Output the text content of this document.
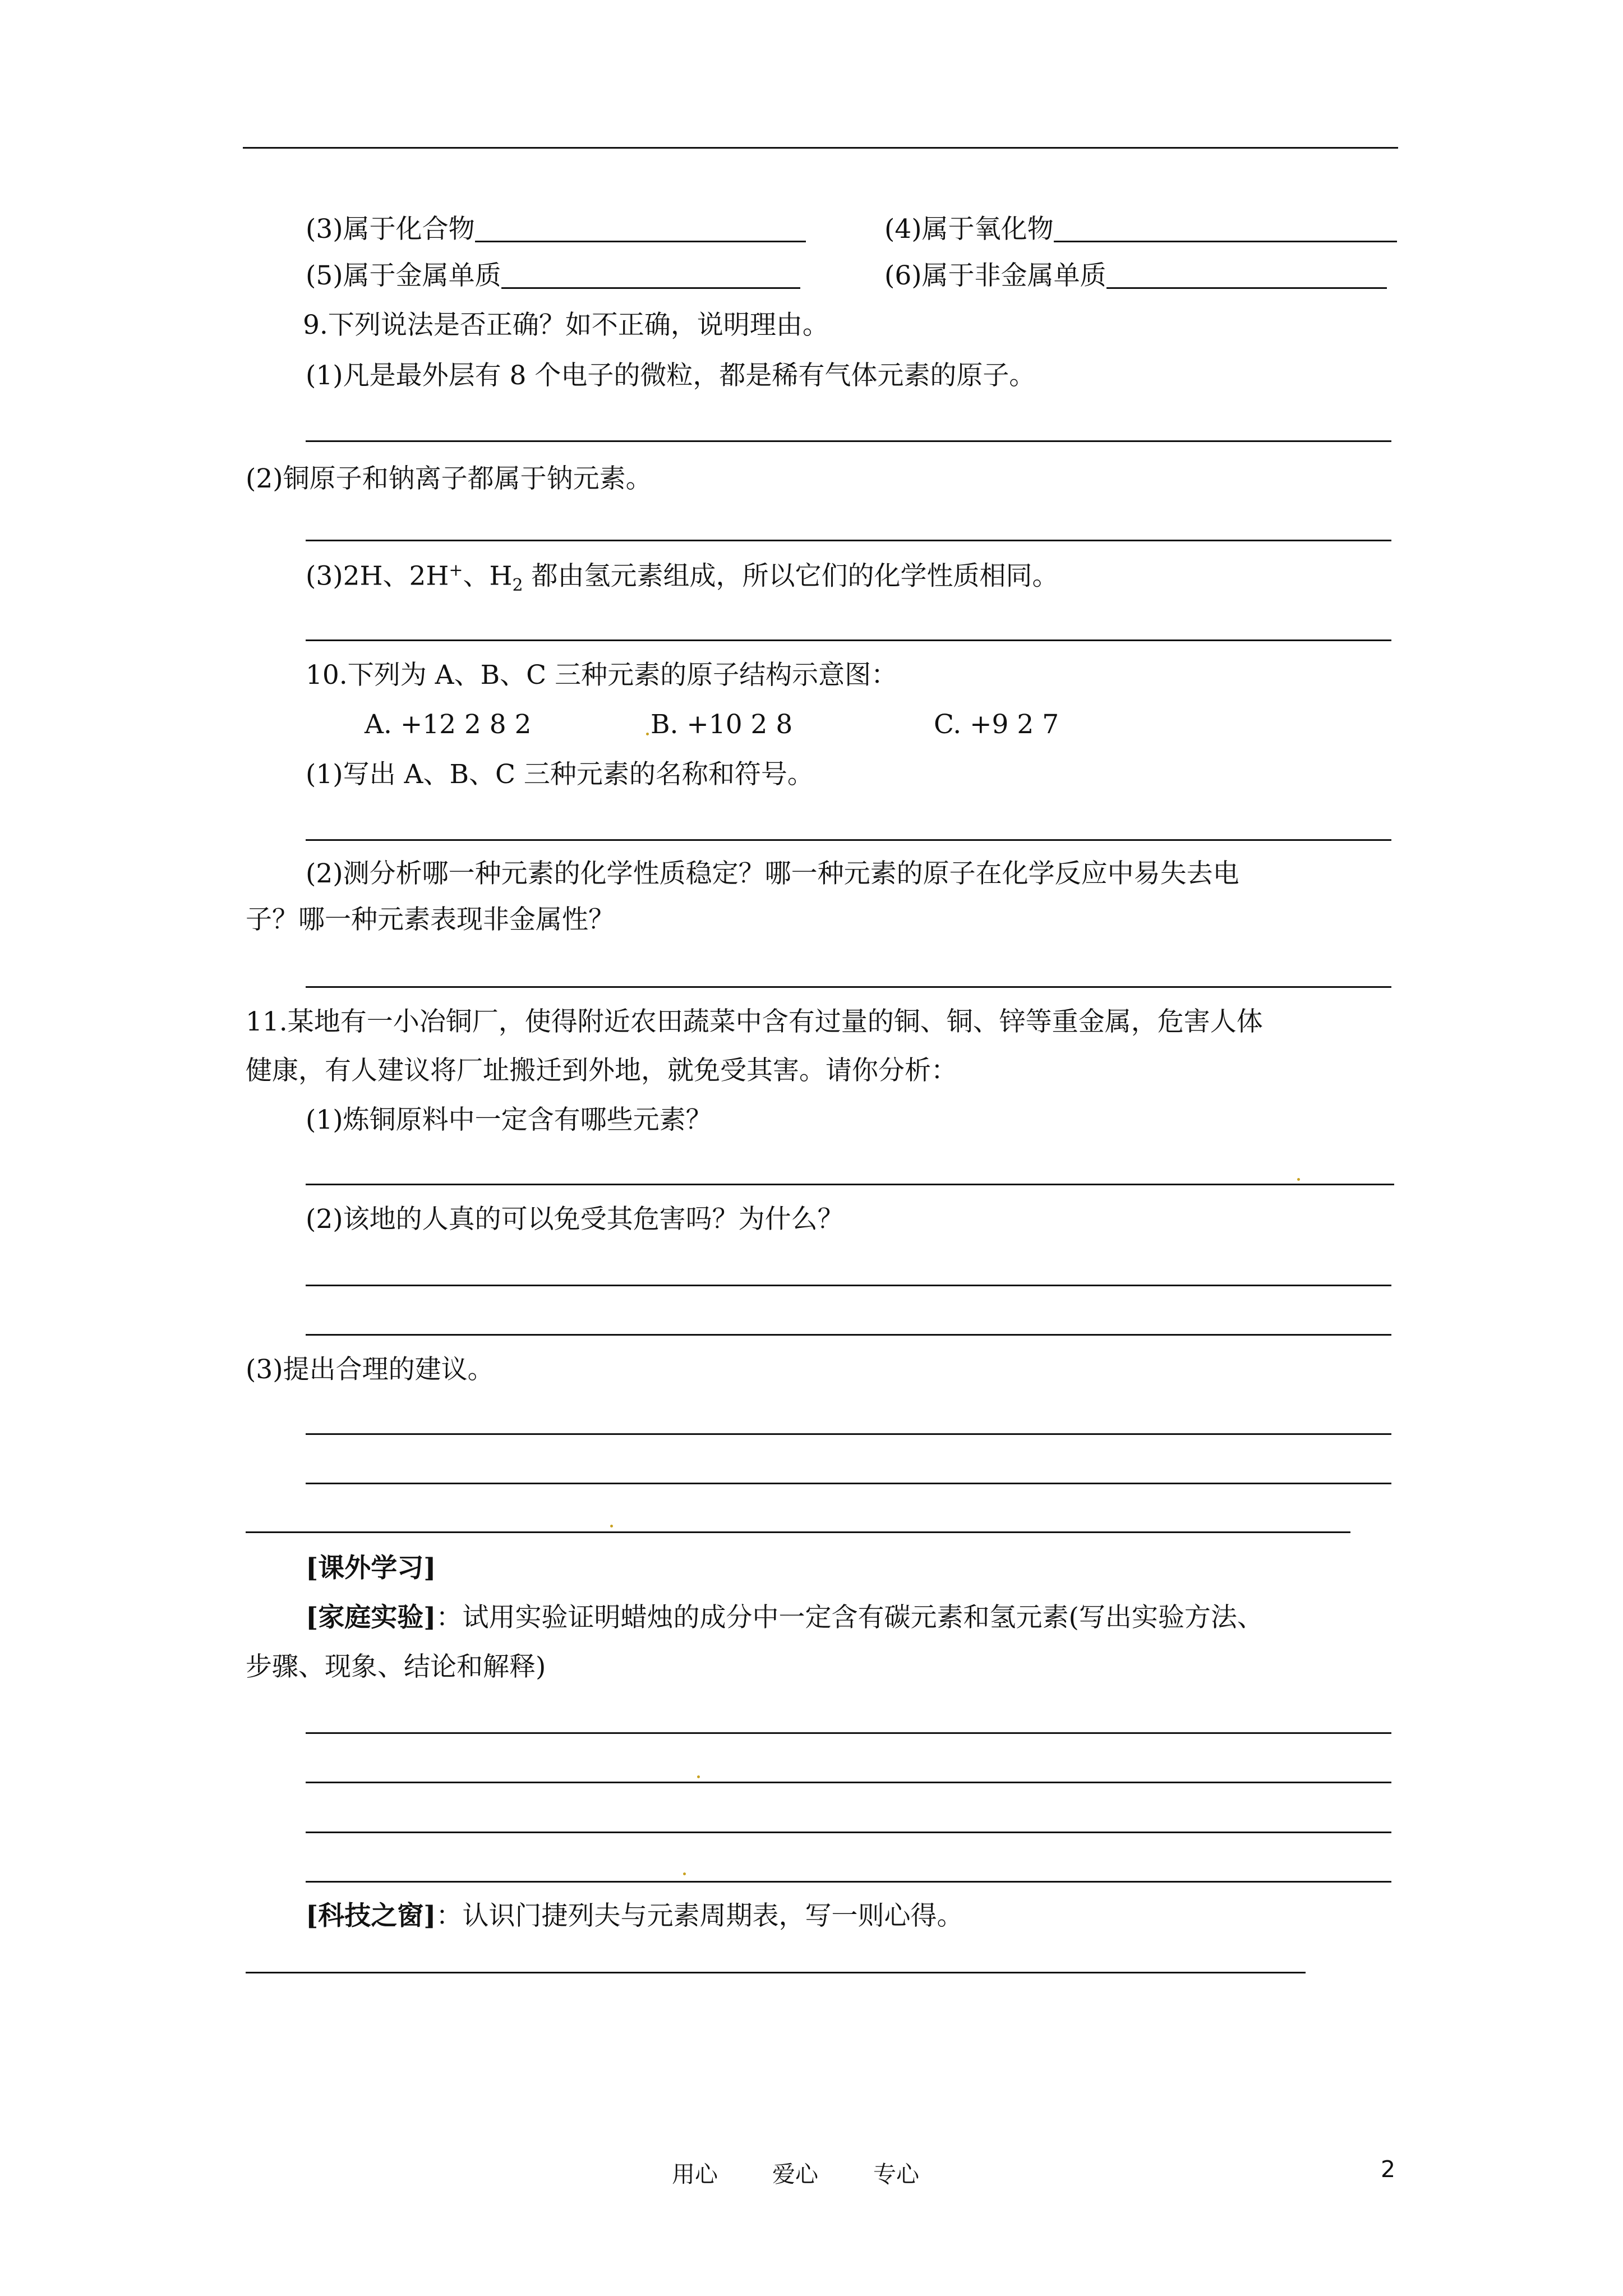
(3)属于化合物	(4)属于氧化物
(5)属于金属单质	(6)属于非金属单质
9.下列说法是否正确？如不正确，说明理由。
(1)凡是最外层有 8 个电子的微粒，都是稀有气体元素的原子。
(2)铜原子和钠离子都属于钠元素。
(3)2H、2H+、$H_2$ 都由氢元素组成，所以它们的化学性质相同。
10.下列为 A、B、C 三种元素的原子结构示意图：
A. +12 2 8 2	B. +10 2 8	C. +9 2 7
(1)写出 A、B、C 三种元素的名称和符号。
(2)测分析哪一种元素的化学性质稳定？哪一种元素的原子在化学反应中易失去电
子？哪一种元素表现非金属性？
11.某地有一小冶铜厂，使得附近农田蔬菜中含有过量的铜、铜、锌等重金属，危害人体
健康，有人建议将厂址搬迁到外地，就免受其害。请你分析：
(1)炼铜原料中一定含有哪些元素？
(2)该地的人真的可以免受其危害吗？为什么？
(3)提出合理的建议。
[课外学习]
[家庭实验]：试用实验证明蜡烛的成分中一定含有碳元素和氢元素(写出实验方法、
步骤、现象、结论和解释)
[科技之窗]：认识门捷列夫与元素周期表，写一则心得。
用心 爱心 专心	2
